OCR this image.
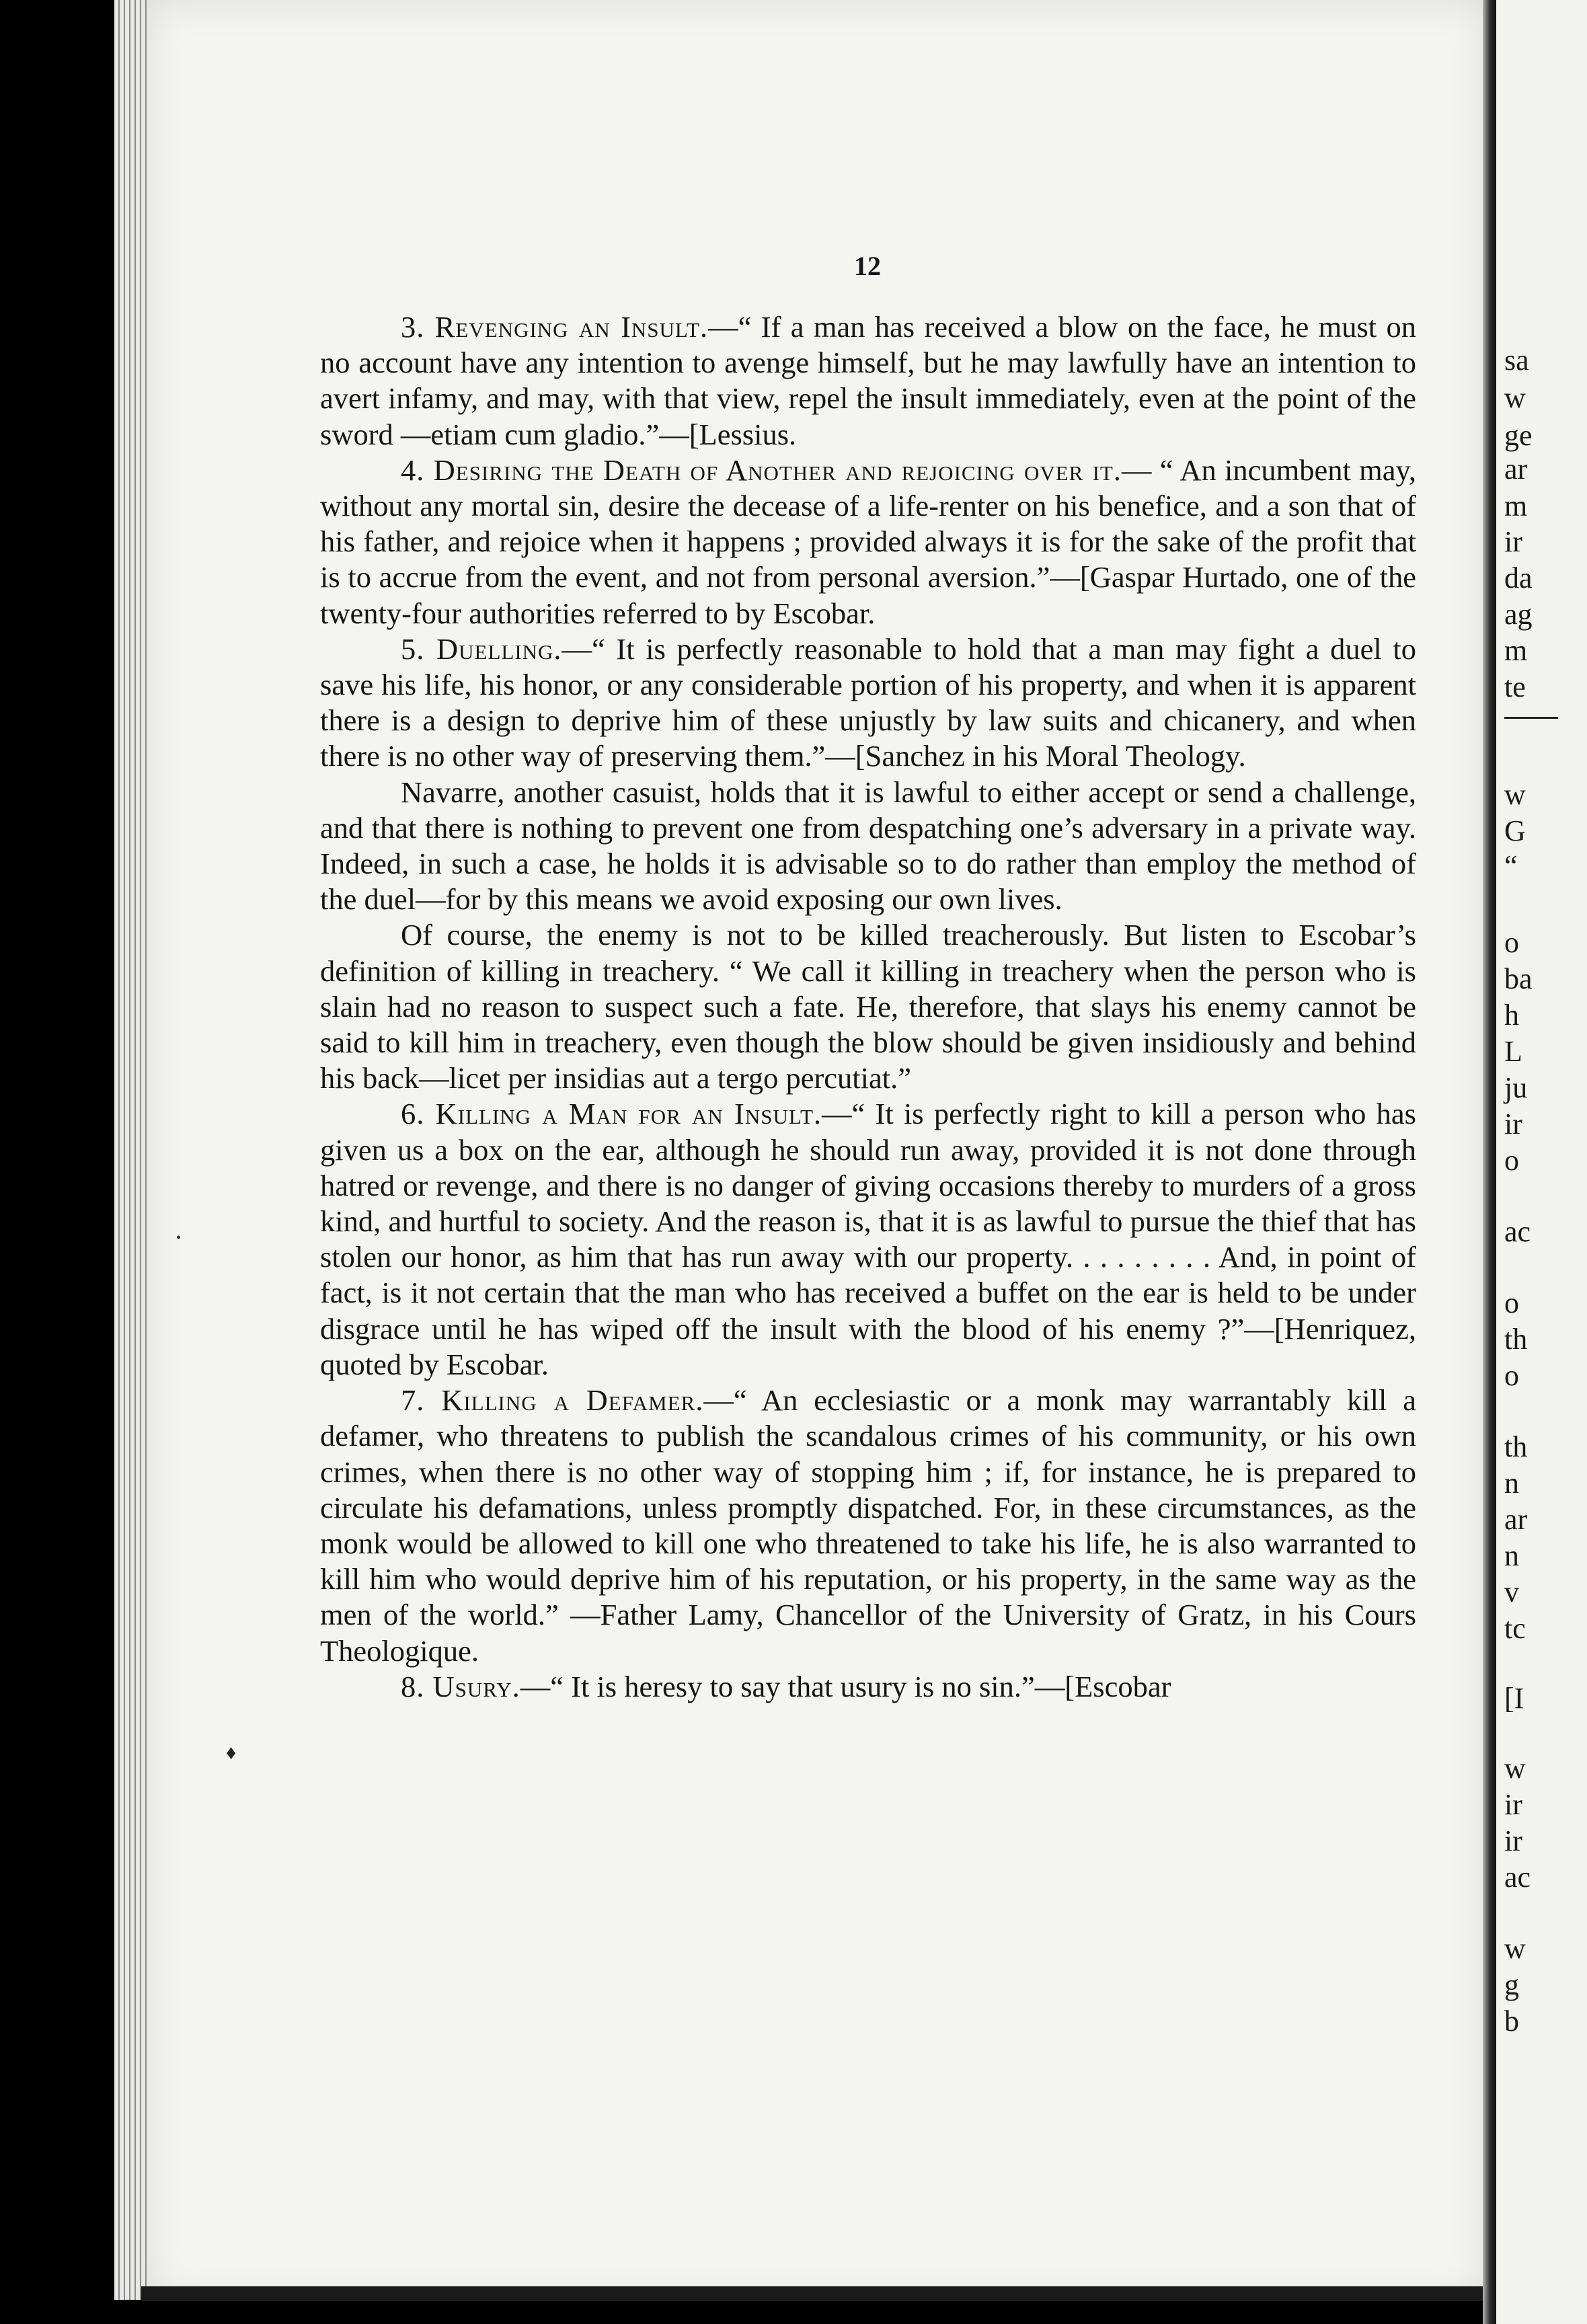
sa
w
ge
ar
m
ir
da
ag
m
te
w
G
“
o
ba
h
L
ju
ir
o
ac
o
th
o
th
n
ar
n
v
tc
[I
w
ir
ir
ac
w
g
b
12

3. Revenging an Insult.—“ If a man has received a blow on the face, he must on no account have any intention to avenge himself, but he may lawfully have an intention to avert infamy, and may, with that view, repel the insult immediately, even at the point of the sword —etiam cum gladio.”—[Lessius.

4. Desiring the Death of Another and rejoicing over it.— “ An incumbent may, without any mortal sin, desire the decease of a life-renter on his benefice, and a son that of his father, and rejoice when it happens ; provided always it is for the sake of the profit that is to accrue from the event, and not from personal aversion.”—[Gaspar Hurtado, one of the twenty-four authorities referred to by Escobar.

5. Duelling.—“ It is perfectly reasonable to hold that a man may fight a duel to save his life, his honor, or any considerable portion of his property, and when it is apparent there is a design to deprive him of these unjustly by law suits and chicanery, and when there is no other way of preserving them.”—[Sanchez in his Moral Theology.

Navarre, another casuist, holds that it is lawful to either accept or send a challenge, and that there is nothing to prevent one from despatching one’s adversary in a private way. Indeed, in such a case, he holds it is advisable so to do rather than employ the method of the duel—for by this means we avoid exposing our own lives.

Of course, the enemy is not to be killed treacherously. But listen to Escobar’s definition of killing in treachery. “ We call it killing in treachery when the person who is slain had no reason to suspect such a fate. He, therefore, that slays his enemy cannot be said to kill him in treachery, even though the blow should be given insidiously and behind his back—licet per insidias aut a tergo percutiat.”

6. Killing a Man for an Insult.—“ It is perfectly right to kill a person who has given us a box on the ear, although he should run away, provided it is not done through hatred or revenge, and there is no danger of giving occasions thereby to murders of a gross kind, and hurtful to society. And the reason is, that it is as lawful to pursue the thief that has stolen our honor, as him that has run away with our property. . . . . . . . . And, in point of fact, is it not certain that the man who has received a buffet on the ear is held to be under disgrace until he has wiped off the insult with the blood of his enemy ?”—[Henriquez, quoted by Escobar.

7. Killing a Defamer.—“ An ecclesiastic or a monk may warrantably kill a defamer, who threatens to publish the scandalous crimes of his community, or his own crimes, when there is no other way of stopping him ; if, for instance, he is prepared to circulate his defamations, unless promptly dispatched. For, in these circumstances, as the monk would be allowed to kill one who threatened to take his life, he is also warranted to kill him who would deprive him of his reputation, or his property, in the same way as the men of the world.” —Father Lamy, Chancellor of the University of Gratz, in his Cours Theologique.

8. Usury.—“ It is heresy to say that usury is no sin.”—[Escobar

•
♦
